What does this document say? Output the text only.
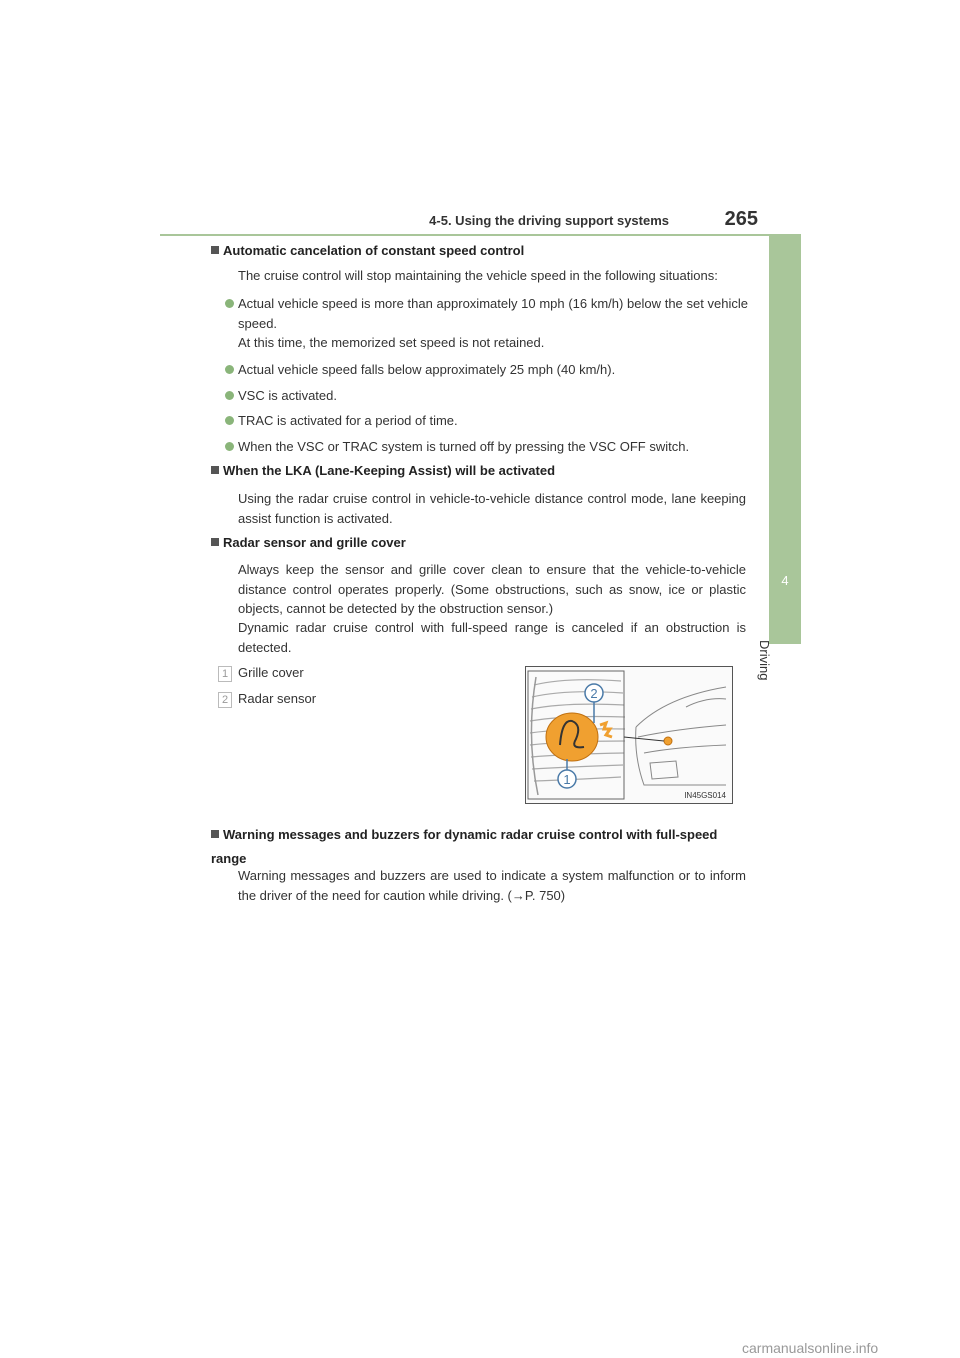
4-5. Using the driving support systems	265
4
Driving
Automatic cancelation of constant speed control
The cruise control will stop maintaining the vehicle speed in the following situations:
Actual vehicle speed is more than approximately 10 mph (16 km/h) below the set vehicle speed.
At this time, the memorized set speed is not retained.
Actual vehicle speed falls below approximately 25 mph (40 km/h).
VSC is activated.
TRAC is activated for a period of time.
When the VSC or TRAC system is turned off by pressing the VSC OFF switch.
When the LKA (Lane-Keeping Assist) will be activated
Using the radar cruise control in vehicle-to-vehicle distance control mode, lane keeping assist function is activated.
Radar sensor and grille cover
Always keep the sensor and grille cover clean to ensure that the vehicle-to-vehicle distance control operates properly. (Some obstructions, such as snow, ice or plastic objects, cannot be detected by the obstruction sensor.)
Dynamic radar cruise control with full-speed range is canceled if an obstruction is detected.
1 Grille cover
2 Radar sensor	2
1
IN45GS014
Warning messages and buzzers for dynamic radar cruise control with full-speed range
Warning messages and buzzers are used to indicate a system malfunction or to inform the driver of the need for caution while driving. (→P. 750)
carmanualsonline.info
